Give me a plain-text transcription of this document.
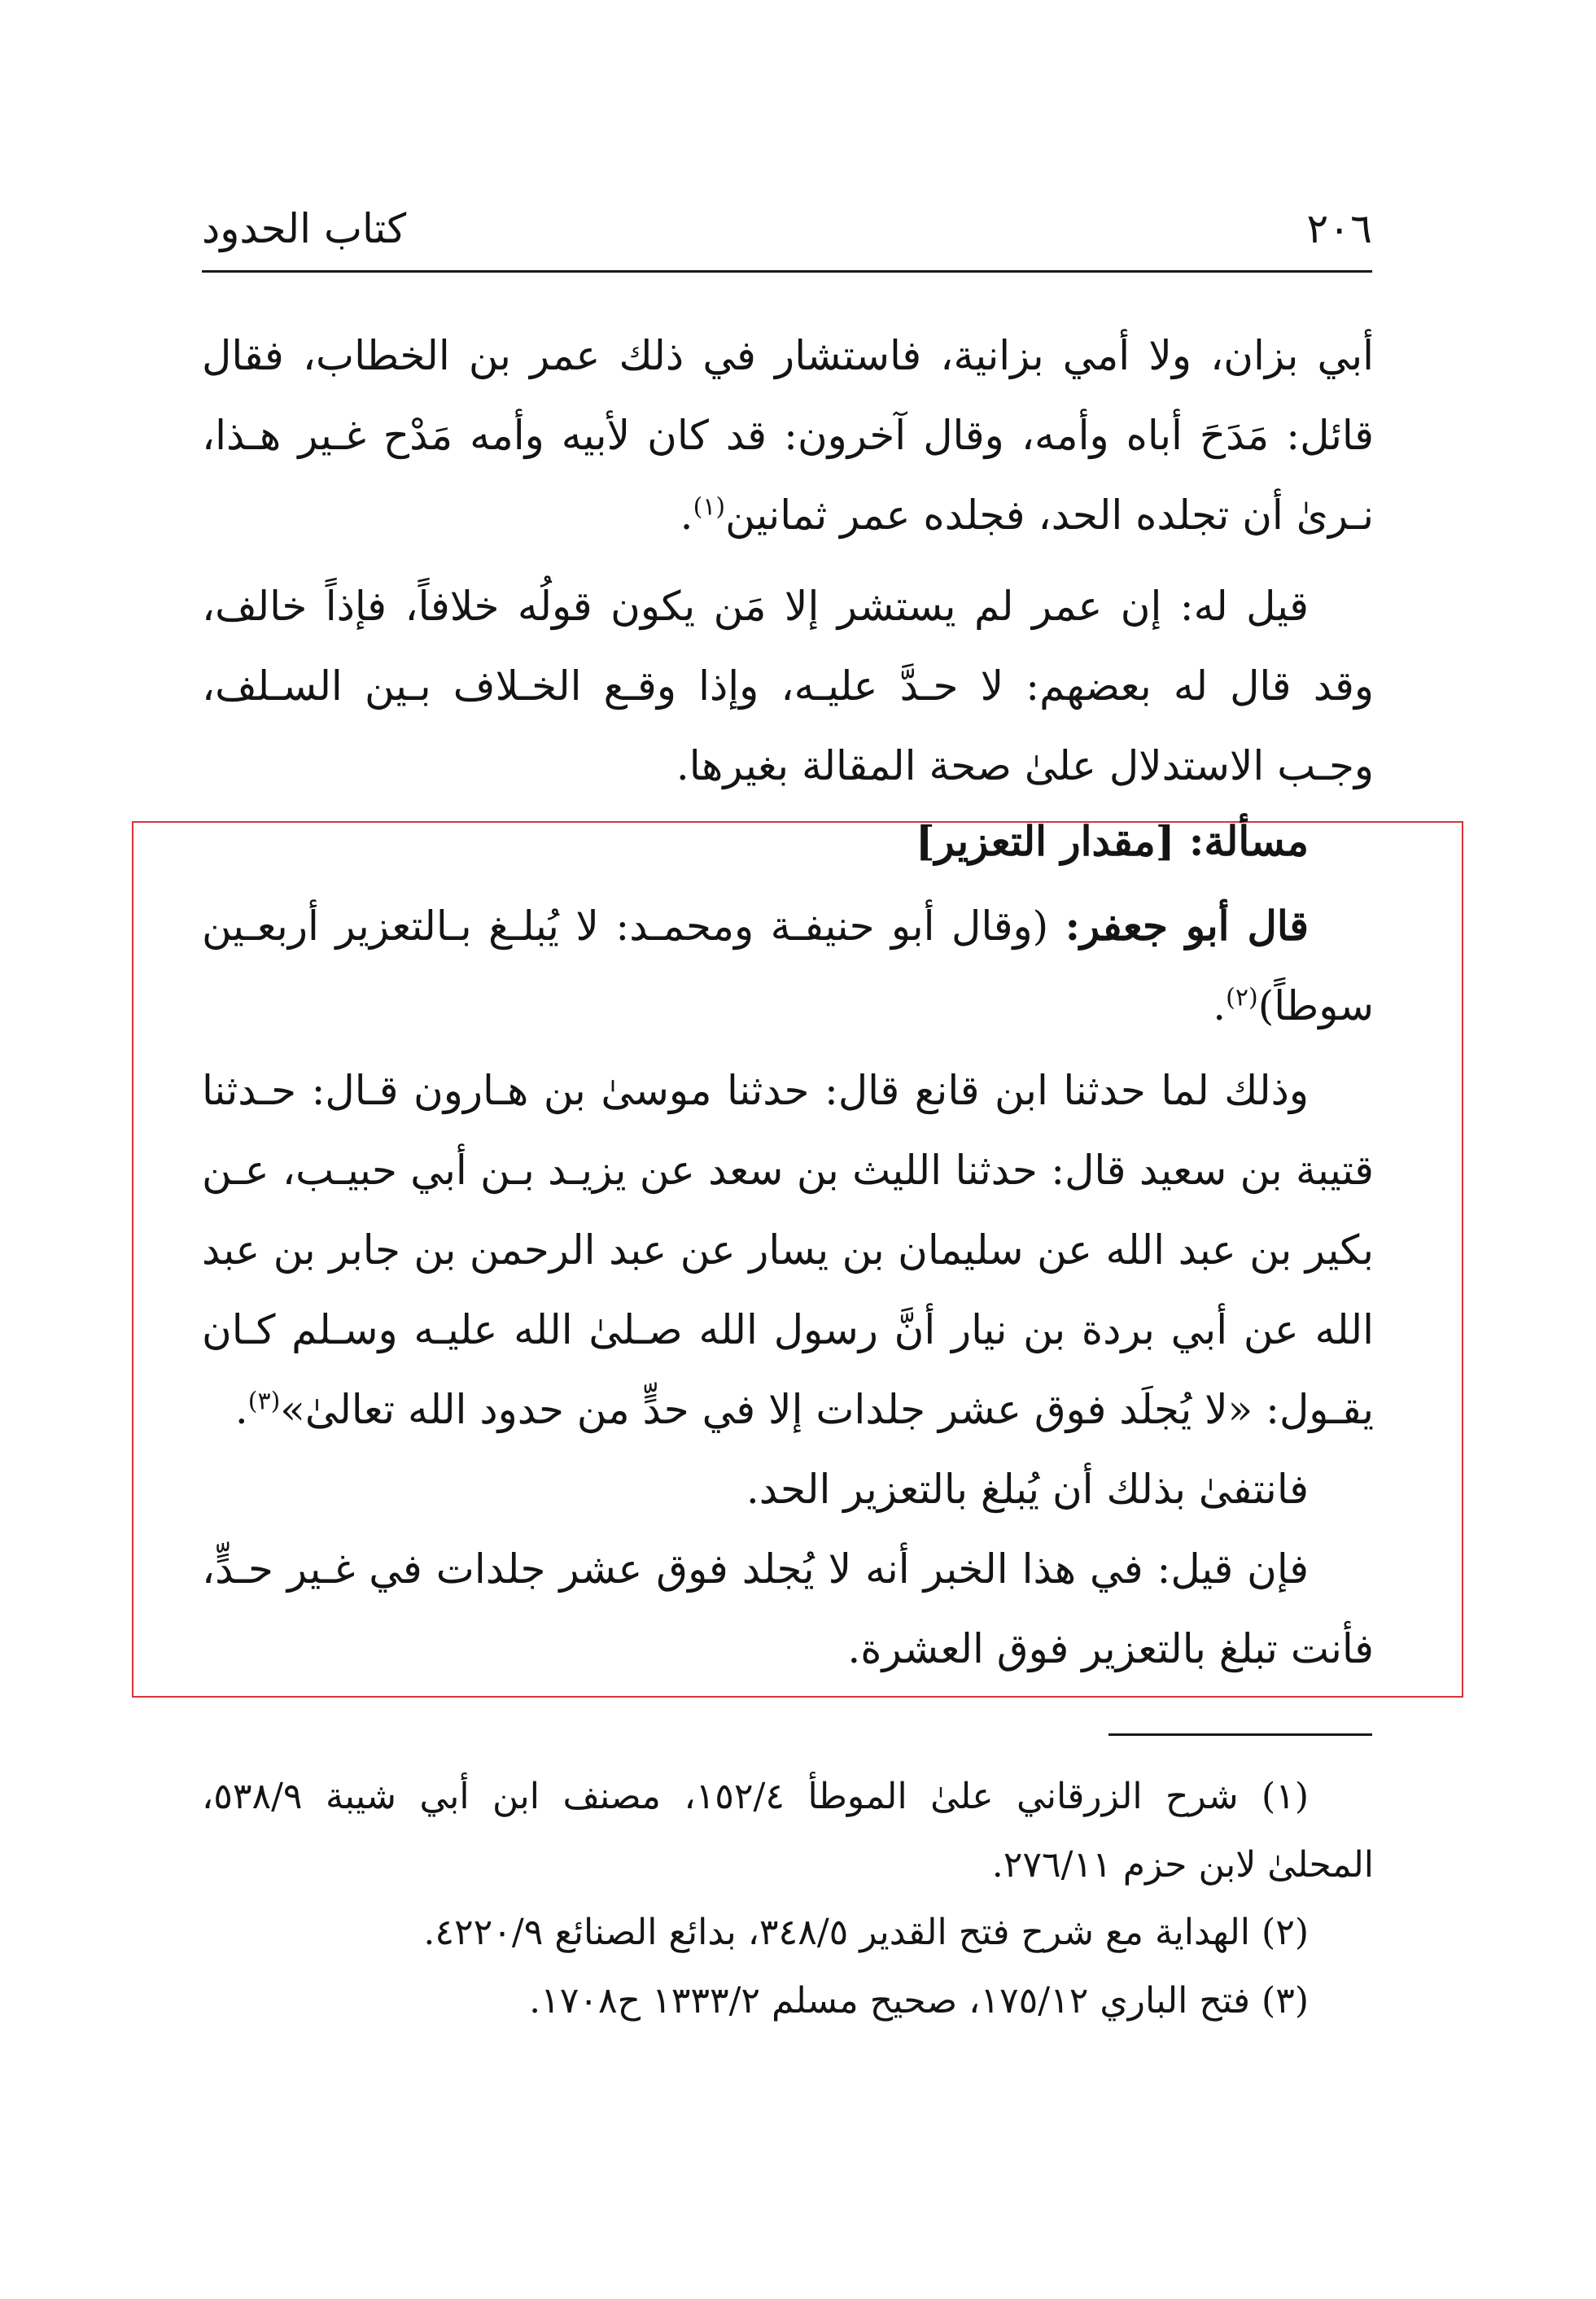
٢٠٦
كتاب الحدود

أبي بزان، ولا أمي بزانية، فاستشار في ذلك عمر بن الخطاب، فقال قائل: مَدَحَ أباه وأمه، وقال آخرون: قد كان لأبيه وأمه مَدْح غـير هـذا، نـرىٰ أن تجلده الحد، فجلده عمر ثمانين$^{(١)}$.

قيل له: إن عمر لم يستشر إلا مَن يكون قولُه خلافاً، فإذاً خالف، وقد قال له بعضهم: لا حـدَّ عليـه، وإذا وقـع الخـلاف بـين السـلف، وجـب الاستدلال علىٰ صحة المقالة بغيرها.

مسألة: [مقدار التعزير]

قال أبو جعفر: (وقال أبو حنيفـة ومحمـد: لا يُبلـغ بـالتعزير أربعـين سوطاً)$^{(٢)}$.

وذلك لما حدثنا ابن قانع قال: حدثنا موسىٰ بن هـارون قـال: حـدثنا قتيبة بن سعيد قال: حدثنا الليث بن سعد عن يزيـد بـن أبي حبيـب، عـن بكير بن عبد الله عن سليمان بن يسار عن عبد الرحمن بن جابر بن عبد الله عن أبي بردة بن نيار أنَّ رسول الله صـلىٰ الله عليـه وسـلم كـان يقـول: «لا يُجلَد فوق عشر جلدات إلا في حدٍّ من حدود الله تعالىٰ»$^{(٣)}$.

فانتفىٰ بذلك أن يُبلغ بالتعزير الحد.

فإن قيل: في هذا الخبر أنه لا يُجلد فوق عشر جلدات في غـير حـدٍّ، فأنت تبلغ بالتعزير فوق العشرة.

(١) شرح الزرقاني علىٰ الموطأ ١٥٢/٤، مصنف ابن أبي شيبة ٥٣٨/٩، المحلىٰ لابن حزم ٢٧٦/١١.

(٢) الهداية مع شرح فتح القدير ٣٤٨/٥، بدائع الصنائع ٤٢٢٠/٩.

(٣) فتح الباري ١٧٥/١٢، صحيح مسلم ١٣٣٣/٢ ح١٧٠٨.
